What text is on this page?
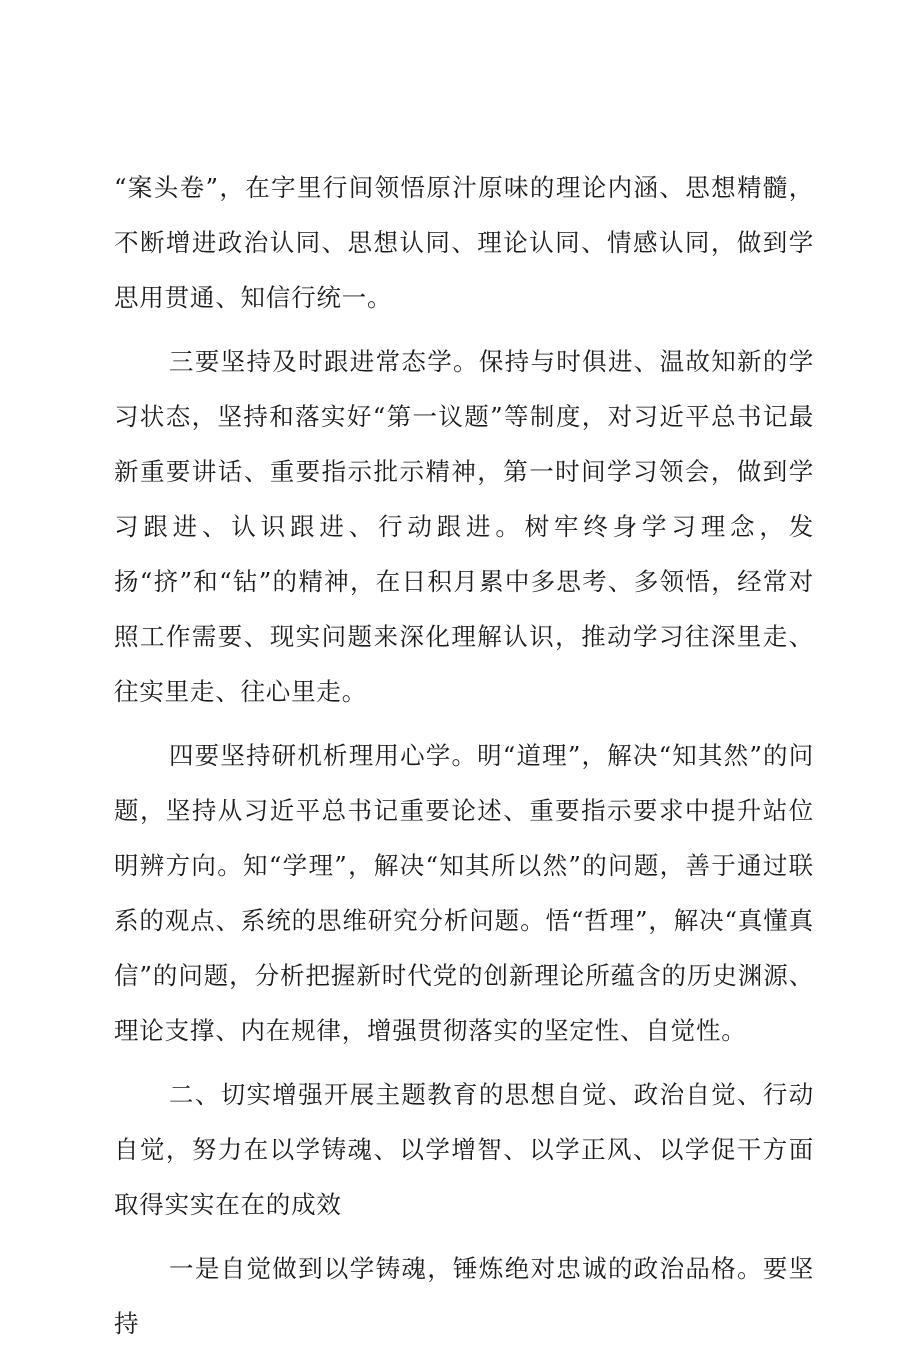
“案头卷”，在字里行间领悟原汁原味的理论内涵、思想精髓，不断增进政治认同、思想认同、理论认同、情感认同，做到学思用贯通、知信行统一。

三要坚持及时跟进常态学。保持与时俱进、温故知新的学习状态，坚持和落实好“第一议题”等制度，对习近平总书记最新重要讲话、重要指示批示精神，第一时间学习领会，做到学习跟进、认识跟进、行动跟进。树牢终身学习理念，发扬“挤”和“钻”的精神，在日积月累中多思考、多领悟，经常对照工作需要、现实问题来深化理解认识，推动学习往深里走、往实里走、往心里走。

四要坚持研机析理用心学。明“道理”，解决“知其然”的问题，坚持从习近平总书记重要论述、重要指示要求中提升站位明辨方向。知“学理”，解决“知其所以然”的问题，善于通过联系的观点、系统的思维研究分析问题。悟“哲理”，解决“真懂真信”的问题，分析把握新时代党的创新理论所蕴含的历史渊源、理论支撑、内在规律，增强贯彻落实的坚定性、自觉性。

二、切实增强开展主题教育的思想自觉、政治自觉、行动自觉，努力在以学铸魂、以学增智、以学正风、以学促干方面取得实实在在的成效

一是自觉做到以学铸魂，锤炼绝对忠诚的政治品格。要坚持
